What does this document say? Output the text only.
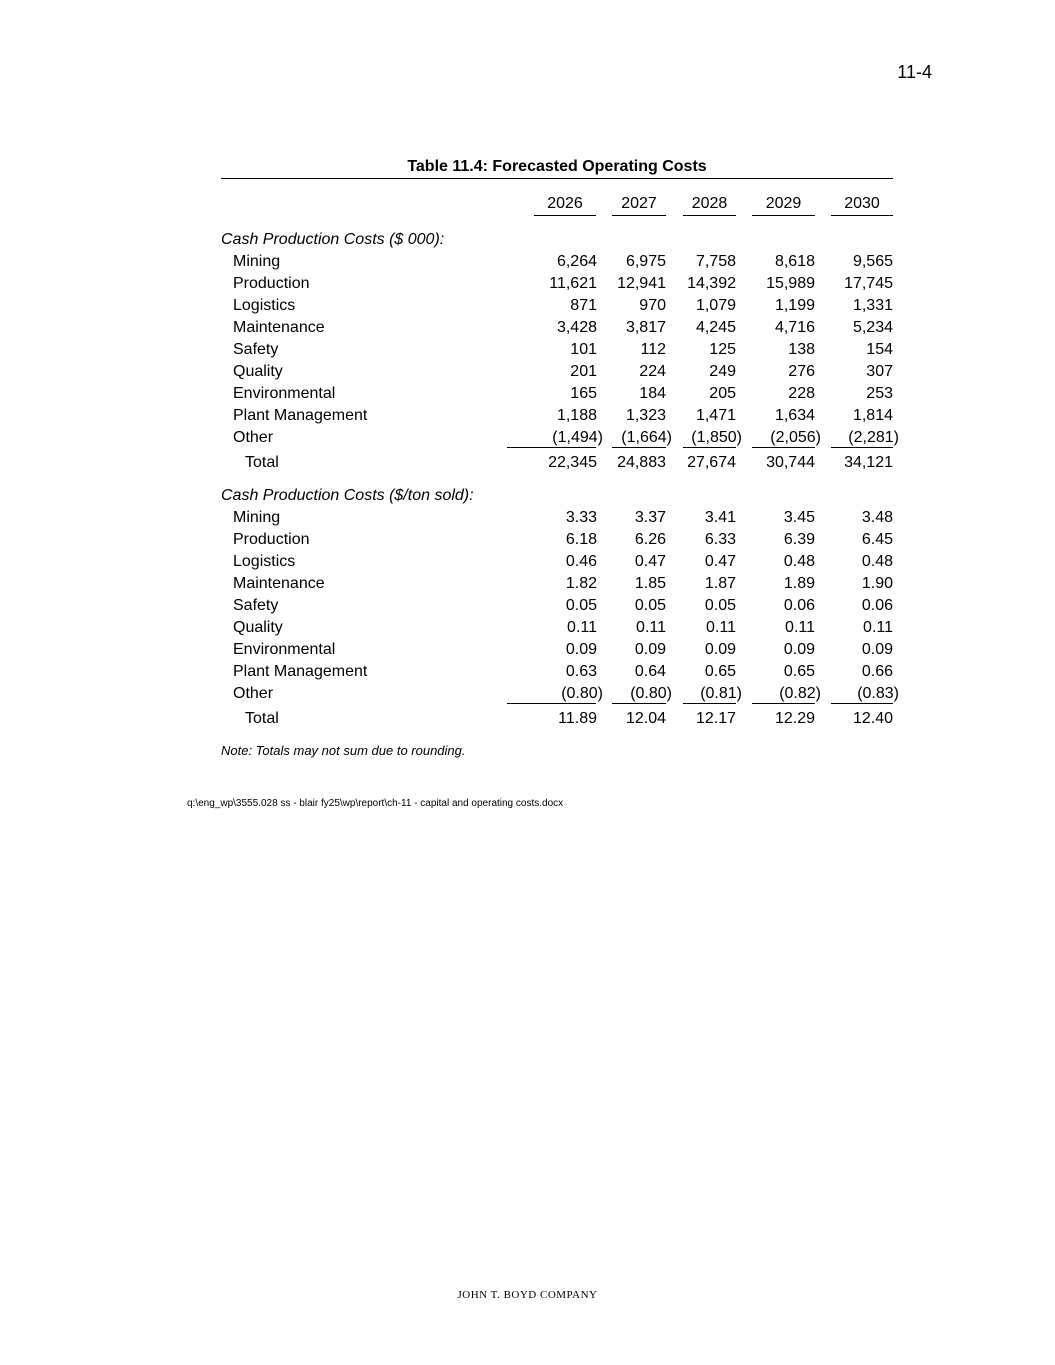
11-4
Table 11.4: Forecasted Operating Costs
2026	2027	2028	2029	2030
Cash Production Costs ($ 000):
Mining	6,264 6,975 7,758 8,618 9,565
Production	11,621 12,941 14,392 15,989 17,745
Logistics	871	970 1,079 1,199 1,331
Maintenance	3,428 3,817 4,245 4,716 5,234
Safety	101	112	125	138	154
Quality	201	224	249	276	307
Environmental	165	184	205	228	253
Plant Management	1,188 1,323 1,471 1,634 1,814
Other	(1,494) (1,664) (1,850) (2,056) (2,281)
Total	22,345 24,883 27,674 30,744 34,121
Cash Production Costs ($/ton sold):
Mining	3.33 3.37 3.41	3.45	3.48
Production	6.18 6.26 6.33	6.39	6.45
Logistics	0.46 0.47 0.47	0.48	0.48
Maintenance	1.82 1.85 1.87	1.89	1.90
Safety	0.05 0.05 0.05	0.06	0.06
Quality	0.11 0.11	0.11	0.11	0.11
Environmental	0.09 0.09 0.09	0.09	0.09
Plant Management	0.63 0.64 0.65	0.65	0.66
Other	(0.80) (0.80) (0.81) (0.82) (0.83)
Total	11.89 12.04 12.17 12.29 12.40
Note: Totals may not sum due to rounding.
q:\eng_wp\3555.028 ss - blair fy25\wp\report\ch-11 - capital and operating costs.docx
JOHN T. BOYD COMPANY
